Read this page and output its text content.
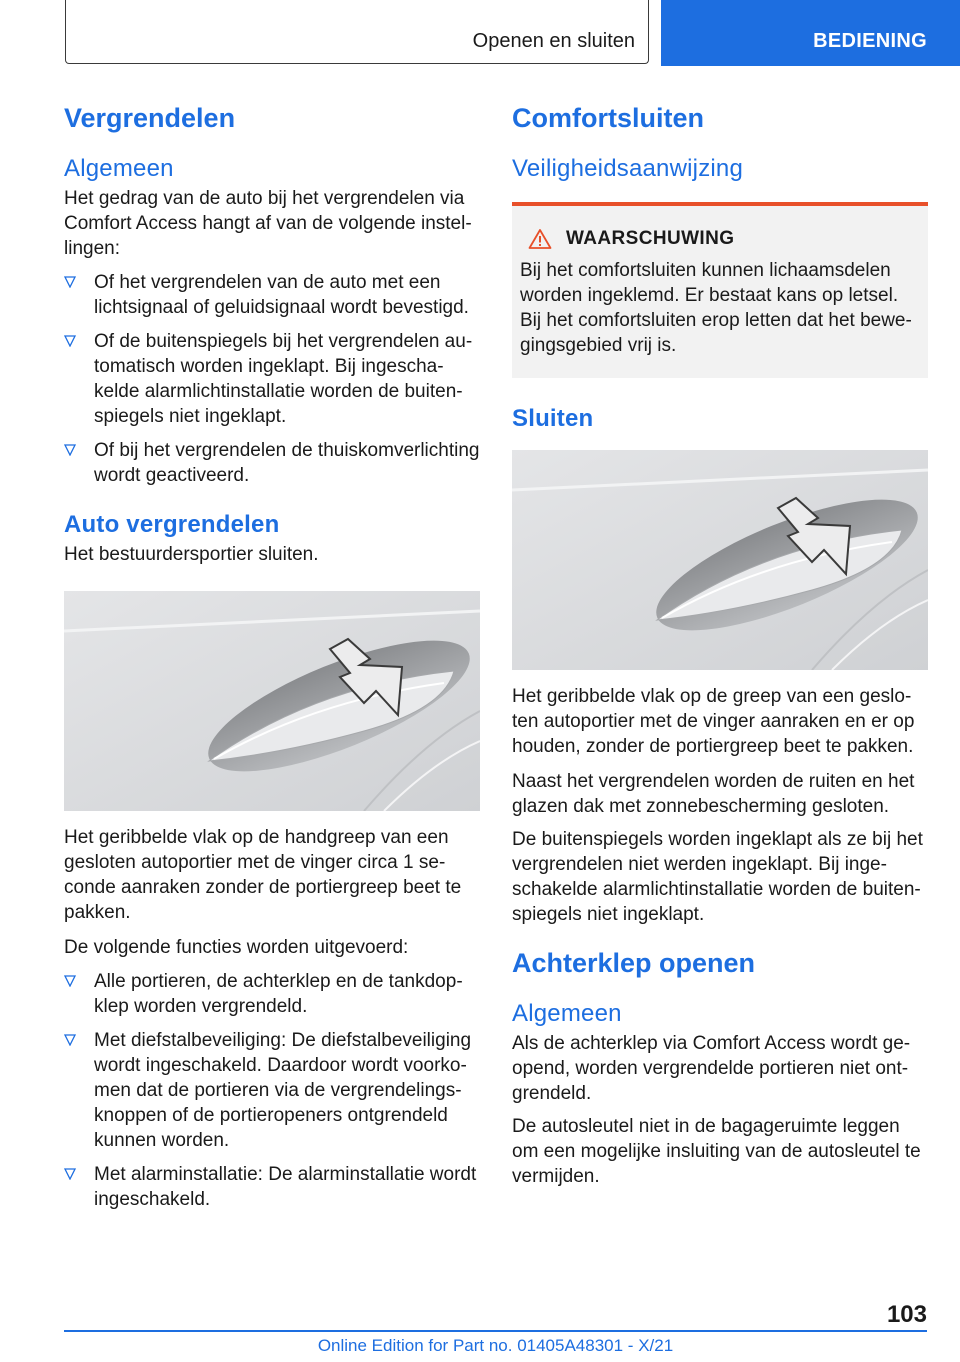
Openen en sluiten	BEDIENING
Vergrendelen
Algemeen

Het gedrag van de auto bij het vergrendelen via Comfort Access hangt af van de volgende instellingen:

Of het vergrendelen van de auto met een lichtsignaal of geluidsignaal wordt bevestigd.
Of de buitenspiegels bij het vergrendelen automatisch worden ingeklapt. Bij ingeschakelde alarmlichtinstallatie worden de buitenspiegels niet ingeklapt.
Of bij het vergrendelen de thuiskomverlichting wordt geactiveerd.
Auto vergrendelen

Het bestuurdersportier sluiten.

Het geribbelde vlak op de handgreep van een gesloten autoportier met de vinger circa 1 seconde aanraken zonder de portiergreep beet te pakken.

De volgende functies worden uitgevoerd:

Alle portieren, de achterklep en de tankdopklep worden vergrendeld.
Met diefstalbeveiliging: De diefstalbeveiliging wordt ingeschakeld. Daardoor wordt voorkomen dat de portieren via de vergrendelingsknoppen of de portieropeners ontgrendeld kunnen worden.
Met alarminstallatie: De alarminstallatie wordt ingeschakeld.
Comfortsluiten
Veiligheidsaanwijzing
WAARSCHUWING

Bij het comfortsluiten kunnen lichaamsdelen worden ingeklemd. Er bestaat kans op letsel. Bij het comfortsluiten erop letten dat het bewegingsgebied vrij is.

Sluiten

Het geribbelde vlak op de greep van een gesloten autoportier met de vinger aanraken en er op houden, zonder de portiergreep beet te pakken.

Naast het vergrendelen worden de ruiten en het glazen dak met zonnebescherming gesloten.

De buitenspiegels worden ingeklapt als ze bij het vergrendelen niet werden ingeklapt. Bij ingeschakelde alarmlichtinstallatie worden de buitenspiegels niet ingeklapt.

Achterklep openen
Algemeen

Als de achterklep via Comfort Access wordt geopend, worden vergrendelde portieren niet ontgrendeld.

De autosleutel niet in de bagageruimte leggen om een mogelijke insluiting van de autosleutel te vermijden.

103
Online Edition for Part no. 01405A48301 - X/21
